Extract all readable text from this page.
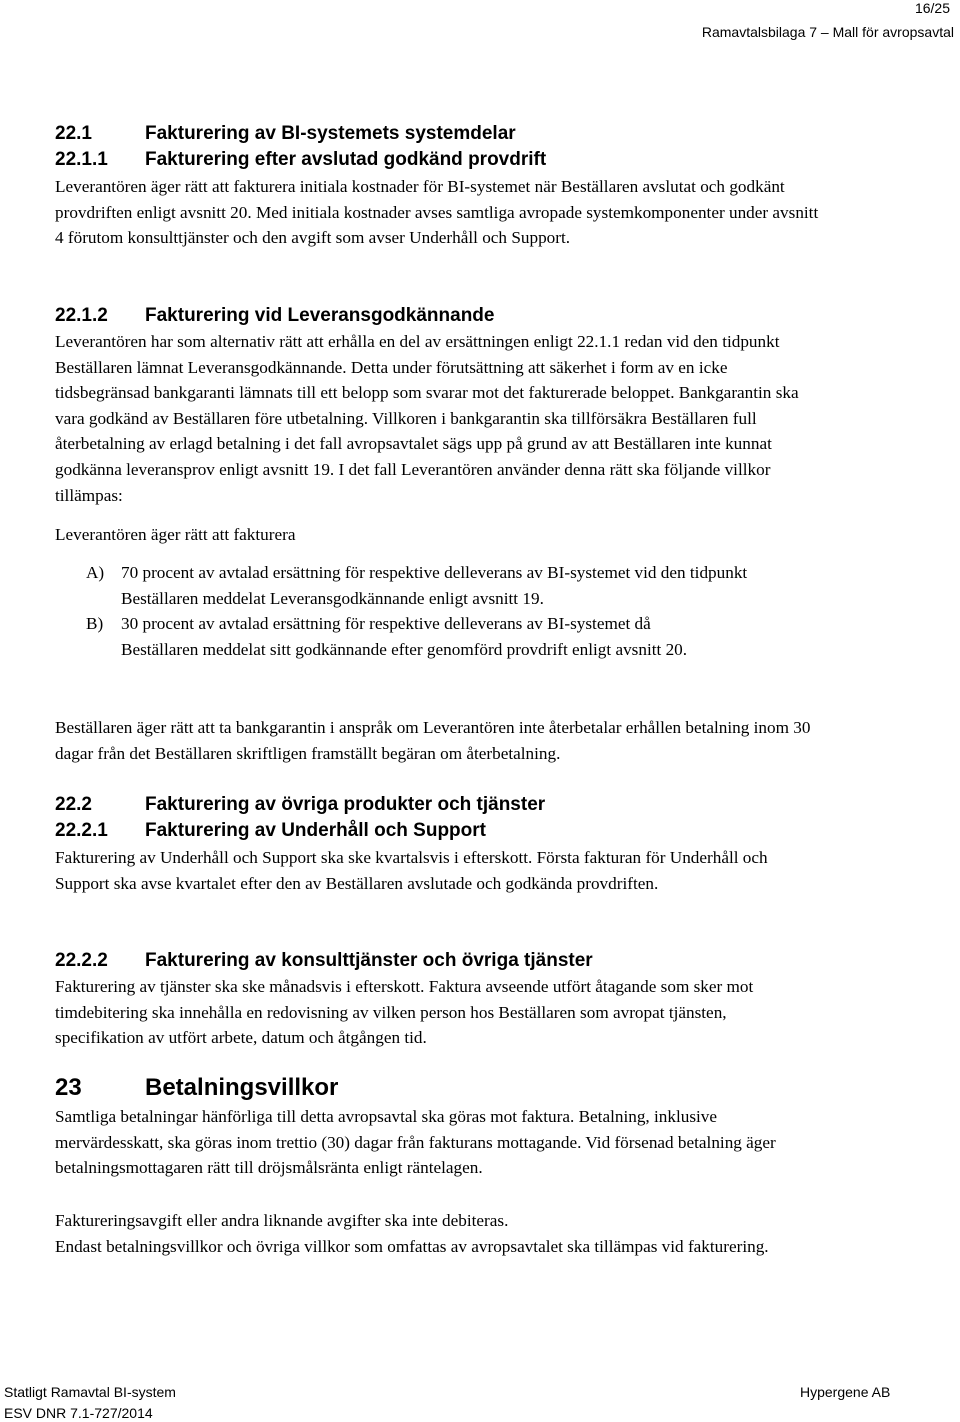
16/25
Ramavtalsbilaga 7 – Mall för avropsavtal
22.1	Fakturering av BI-systemets systemdelar
22.1.1 Fakturering efter avslutad godkänd provdrift

Leverantören äger rätt att fakturera initiala kostnader för BI-systemet när Beställaren avslutat och godkänt provdriften enligt avsnitt 20. Med initiala kostnader avses samtliga avropade systemkomponenter under avsnitt 4 förutom konsulttjänster och den avgift som avser Underhåll och Support.

22.1.2 Fakturering vid Leveransgodkännande

Leverantören har som alternativ rätt att erhålla en del av ersättningen enligt 22.1.1 redan vid den tidpunkt Beställaren lämnat Leveransgodkännande. Detta under förutsättning att säkerhet i form av en icke tidsbegränsad bankgaranti lämnats till ett belopp som svarar mot det fakturerade beloppet. Bankgarantin ska vara godkänd av Beställaren före utbetalning. Villkoren i bankgarantin ska tillförsäkra Beställaren full återbetalning av erlagd betalning i det fall avropsavtalet sägs upp på grund av att Beställaren inte kunnat godkänna leveransprov enligt avsnitt 19. I det fall Leverantören använder denna rätt ska följande villkor tillämpas:

Leverantören äger rätt att fakturera

A) 70 procent av avtalad ersättning för respektive delleverans av BI-systemet vid den tidpunkt Beställaren meddelat Leveransgodkännande enligt avsnitt 19.
B) 30 procent av avtalad ersättning för respektive delleverans av BI-systemet då Beställaren meddelat sitt godkännande efter genomförd provdrift enligt avsnitt 20.

Beställaren äger rätt att ta bankgarantin i anspråk om Leverantören inte återbetalar erhållen betalning inom 30 dagar från det Beställaren skriftligen framställt begäran om återbetalning.

22.2	Fakturering av övriga produkter och tjänster
22.2.1 Fakturering av Underhåll och Support

Fakturering av Underhåll och Support ska ske kvartalsvis i efterskott. Första fakturan för Underhåll och Support ska avse kvartalet efter den av Beställaren avslutade och godkända provdriften.

22.2.2 Fakturering av konsulttjänster och övriga tjänster

Fakturering av tjänster ska ske månadsvis i efterskott. Faktura avseende utfört åtagande som sker mot timdebitering ska innehålla en redovisning av vilken person hos Beställaren som avropat tjänsten, specifikation av utfört arbete, datum och åtgången tid.

23	Betalningsvillkor

Samtliga betalningar hänförliga till detta avropsavtal ska göras mot faktura. Betalning, inklusive mervärdesskatt, ska göras inom trettio (30) dagar från fakturans mottagande. Vid försenad betalning äger betalningsmottagaren rätt till dröjsmålsränta enligt räntelagen.

Faktureringsavgift eller andra liknande avgifter ska inte debiteras.

Endast betalningsvillkor och övriga villkor som omfattas av avropsavtalet ska tillämpas vid fakturering.

Statligt Ramavtal BI-system
ESV DNR 7.1-727/2014
Hypergene AB
